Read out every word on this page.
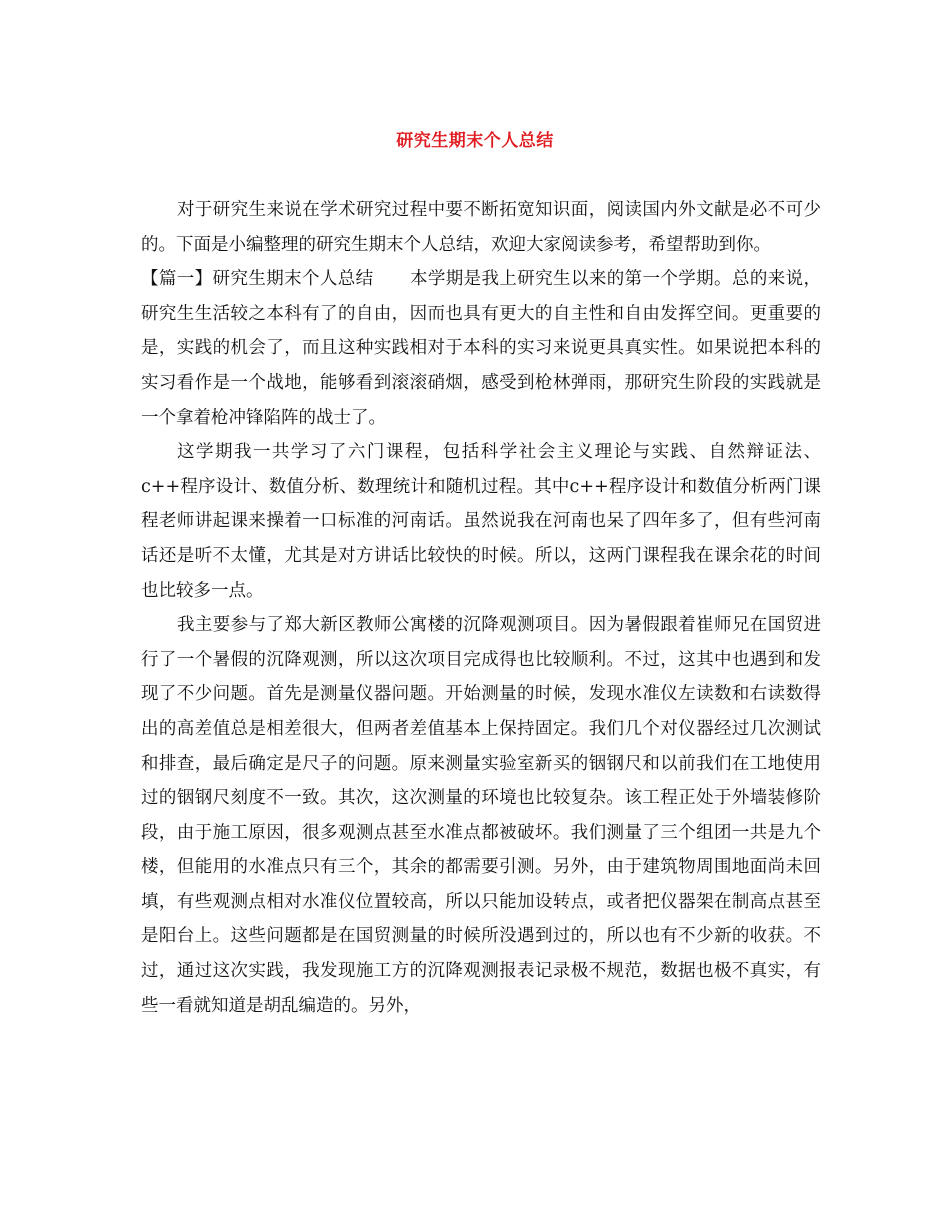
研究生期末个人总结

对于研究生来说在学术研究过程中要不断拓宽知识面，阅读国内外文献是必不可少的。下面是小编整理的研究生期末个人总结，欢迎大家阅读参考，希望帮助到你。

【篇一】研究生期末个人总结 本学期是我上研究生以来的第一个学期。总的来说，研究生生活较之本科有了的自由，因而也具有更大的自主性和自由发挥空间。更重要的是，实践的机会了，而且这种实践相对于本科的实习来说更具真实性。如果说把本科的实习看作是一个战地，能够看到滚滚硝烟，感受到枪林弹雨，那研究生阶段的实践就是一个拿着枪冲锋陷阵的战士了。

这学期我一共学习了六门课程，包括科学社会主义理论与实践、自然辩证法、c++程序设计、数值分析、数理统计和随机过程。其中c++程序设计和数值分析两门课程老师讲起课来操着一口标准的河南话。虽然说我在河南也呆了四年多了，但有些河南话还是听不太懂，尤其是对方讲话比较快的时候。所以，这两门课程我在课余花的时间也比较多一点。

我主要参与了郑大新区教师公寓楼的沉降观测项目。因为暑假跟着崔师兄在国贸进行了一个暑假的沉降观测，所以这次项目完成得也比较顺利。不过，这其中也遇到和发现了不少问题。首先是测量仪器问题。开始测量的时候，发现水准仪左读数和右读数得出的高差值总是相差很大，但两者差值基本上保持固定。我们几个对仪器经过几次测试和排查，最后确定是尺子的问题。原来测量实验室新买的铟钢尺和以前我们在工地使用过的铟钢尺刻度不一致。其次，这次测量的环境也比较复杂。该工程正处于外墙装修阶段，由于施工原因，很多观测点甚至水准点都被破坏。我们测量了三个组团一共是九个楼，但能用的水准点只有三个，其余的都需要引测。另外，由于建筑物周围地面尚未回填，有些观测点相对水准仪位置较高，所以只能加设转点，或者把仪器架在制高点甚至是阳台上。这些问题都是在国贸测量的时候所没遇到过的，所以也有不少新的收获。不过，通过这次实践，我发现施工方的沉降观测报表记录极不规范，数据也极不真实，有些一看就知道是胡乱编造的。另外，
